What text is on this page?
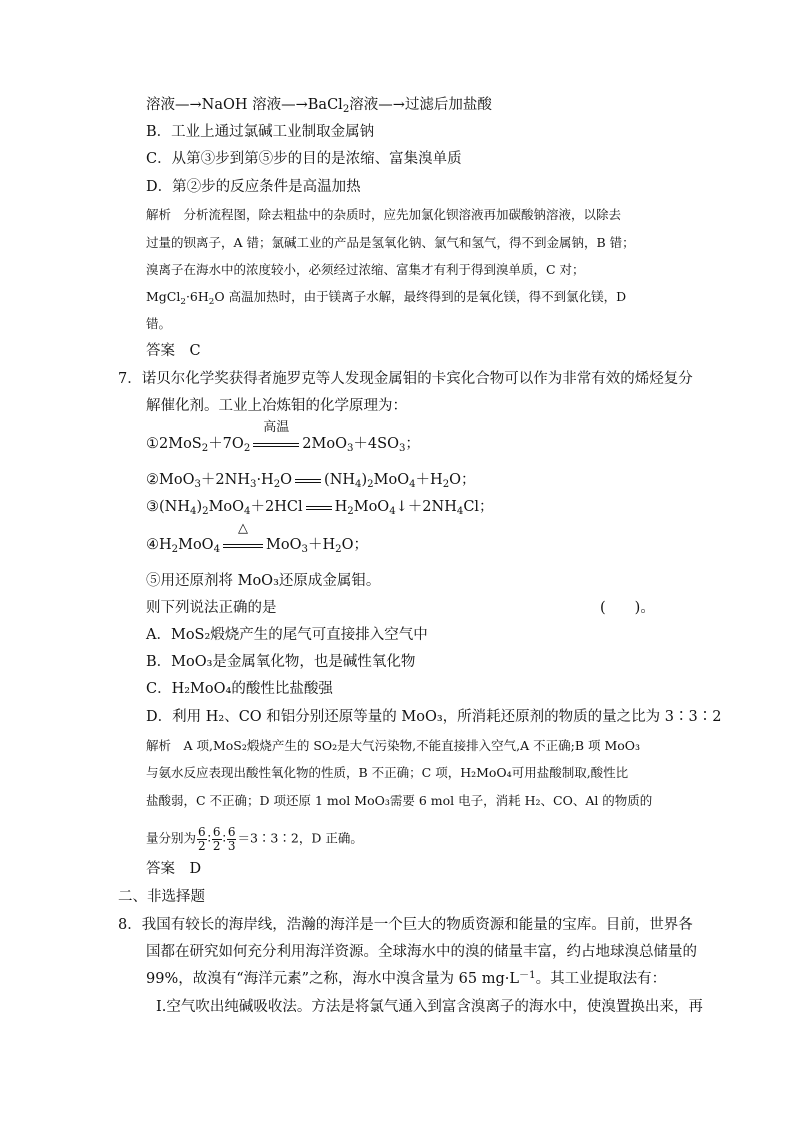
溶液—→NaOH 溶液—→BaCl$_2$溶液—→过滤后加盐酸
B．工业上通过氯碱工业制取金属钠
C．从第③步到第⑤步的目的是浓缩、富集溴单质
D．第②步的反应条件是高温加热
解析　分析流程图，除去粗盐中的杂质时，应先加氯化钡溶液再加碳酸钠溶液，以除去
过量的钡离子，A 错；氯碱工业的产品是氢氧化钠、氯气和氢气，得不到金属钠，B 错；
溴离子在海水中的浓度较小，必须经过浓缩、富集才有利于得到溴单质，C 对；
$MgCl_2\cdot 6H_2O$ 高温加热时，由于镁离子水解，最终得到的是氧化镁，得不到氯化镁，D
错。
答案　C
7．诺贝尔化学奖获得者施罗克等人发现金属钼的卡宾化合物可以作为非常有效的烯烃复分
解催化剂。工业上冶炼钼的化学原理为：
$①2MoS_2+7O_2$
高温
$2MoO_3+4SO_3$；
$②MoO_3+2NH_3\cdot H_2O$ $(NH_4)_2MoO_4+H_2O$；
$③(NH_4)_2MoO_4+2HCl$ $H_2MoO_4↓+2NH_4Cl$；
$④H_2MoO_4$
△
$MoO_3+H_2O$；
⑤用还原剂将 MoO₃还原成金属钼。
则下列说法正确的是	(　　)。
A．MoS₂煅烧产生的尾气可直接排入空气中
B．MoO₃是金属氧化物，也是碱性氧化物
C．H₂MoO₄的酸性比盐酸强
D．利用 H₂、CO 和铝分别还原等量的 MoO₃，所消耗还原剂的物质的量之比为 3∶3∶2
解析　A 项,MoS₂煅烧产生的 SO₂是大气污染物,不能直接排入空气,A 不正确;B 项 MoO₃
与氨水反应表现出酸性氧化物的性质，B 不正确；C 项，H₂MoO₄可用盐酸制取,酸性比
盐酸弱，C 不正确；D 项还原 1 mol MoO₃需要 6 mol 电子，消耗 H₂、CO、Al 的物质的
量分别为 $\frac{6}{2}$ ∶ $\frac{6}{2}$ ∶ $\frac{6}{3}$ ＝3∶3∶2，D 正确。
答案　D
二、非选择题
8．我国有较长的海岸线，浩瀚的海洋是一个巨大的物质资源和能量的宝库。目前，世界各
国都在研究如何充分利用海洋资源。全球海水中的溴的储量丰富，约占地球溴总储量的
99%，故溴有“海洋元素”之称，海水中溴含量为 65 $mg\cdot L^{-1}$。其工业提取法有：
Ⅰ.空气吹出纯碱吸收法。方法是将氯气通入到富含溴离子的海水中，使溴置换出来，再
